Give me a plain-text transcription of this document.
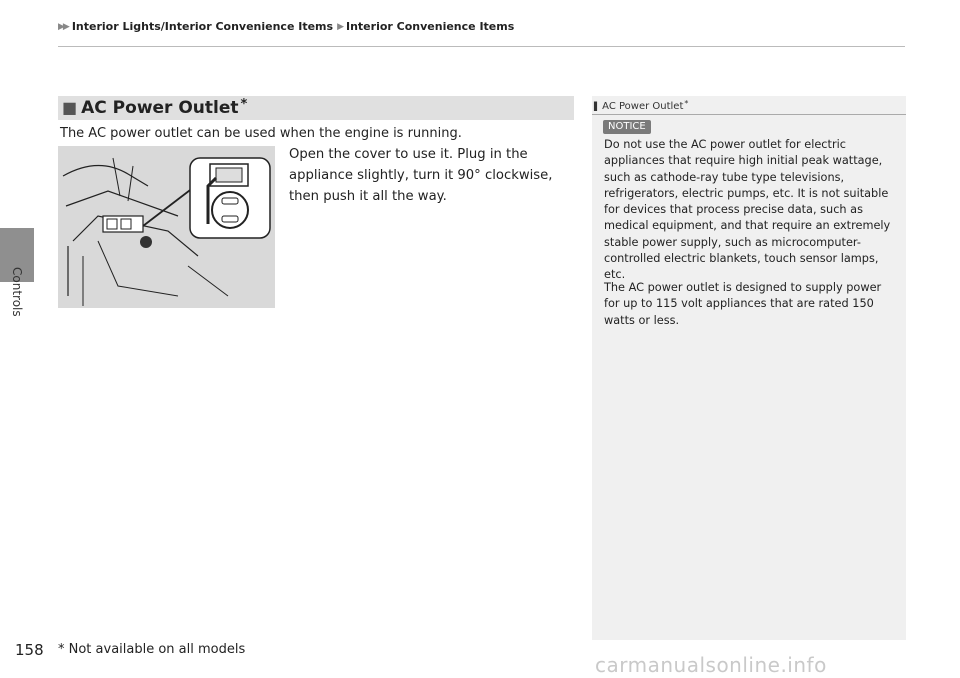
Controls
▶▶ Interior Lights/Interior Convenience Items ▶ Interior Convenience Items
■ AC Power Outlet *
The AC power outlet can be used when the engine is running.
Open the cover to use it. Plug in the appliance slightly, turn it 90° clockwise, then push it all the way.
▌ AC Power Outlet *
NOTICE
Do not use the AC power outlet for electric appliances that require high initial peak wattage, such as cathode-ray tube type televisions, refrigerators, electric pumps, etc. It is not suitable for devices that process precise data, such as medical equipment, and that require an extremely stable power supply, such as microcomputer-controlled electric blankets, touch sensor lamps, etc.
The AC power outlet is designed to supply power for up to 115 volt appliances that are rated 150 watts or less.
158 * Not available on all models
carmanualsonline.info
